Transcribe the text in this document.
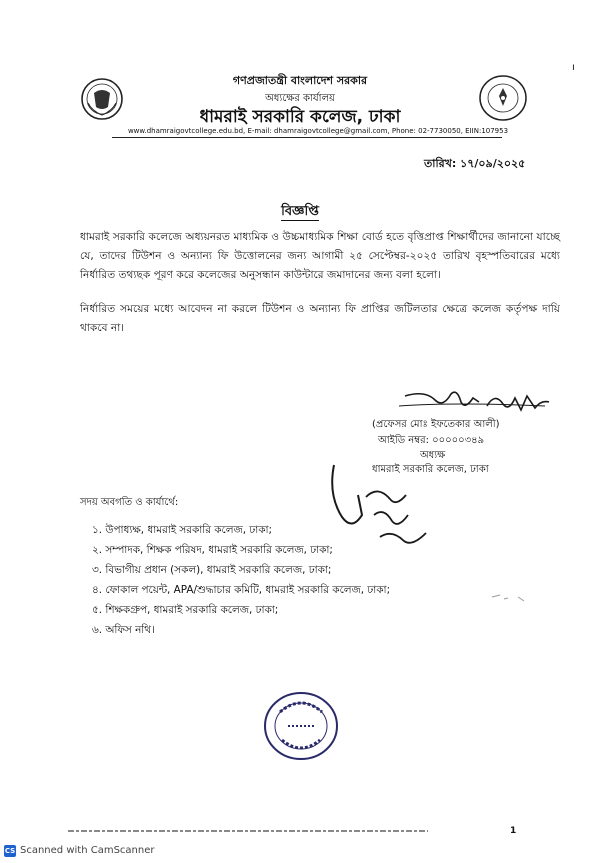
ı
গণপ্রজাতন্ত্রী বাংলাদেশ সরকার
অধ্যক্ষের কার্যালয়
ধামরাই সরকারি কলেজ, ঢাকা
www.dhamraigovtcollege.edu.bd, E-mail: dhamraigovtcollege@gmail.com, Phone: 02-7730050, EIIN:107953
তারিখ: ১৭/০৯/২০২৫
বিজ্ঞপ্তি
ধামরাই সরকারি কলেজে অধ্যয়নরত মাধ্যমিক ও উচ্চমাধ্যমিক শিক্ষা বোর্ড হতে বৃত্তিপ্রাপ্ত শিক্ষার্থীদের জানানো যাচ্ছে যে, তাদের টিউশন ও অন্যান্য ফি উত্তোলনের জন্য আগামী ২৫ সেপ্টেম্বর-২০২৫ তারিখ বৃহস্পতিবারের মধ্যে নির্ধারিত তথ্যছক পূরণ করে কলেজের অনুসন্ধান কাউন্টারে জমাদানের জন্য বলা হলো।
নির্ধারিত সময়ের মধ্যে আবেদন না করলে টিউশন ও অন্যান্য ফি প্রাপ্তির জটিলতার ক্ষেত্রে কলেজ কর্তৃপক্ষ দায়ি থাকবে না।
(প্রফেসর মোঃ ইফতেকার আলী)
আইডি নম্বর: ০০০০০৩৪৯
অধ্যক্ষ
ধামরাই সরকারি কলেজ, ঢাকা
সদয় অবগতি ও কার্যার্থে:
১. উপাধ্যক্ষ, ধামরাই সরকারি কলেজ, ঢাকা;
২. সম্পাদক, শিক্ষক পরিষদ, ধামরাই সরকারি কলেজ, ঢাকা;
৩. বিভাগীয় প্রধান (সকল), ধামরাই সরকারি কলেজ, ঢাকা;
৪. ফোকাল পয়েন্ট, APA/শুদ্ধাচার কমিটি, ধামরাই সরকারি কলেজ, ঢাকা;
৫. শিক্ষকগ্রুপ, ধামরাই সরকারি কলেজ, ঢাকা;
৬. অফিস নথি।
1
CS Scanned with CamScanner
